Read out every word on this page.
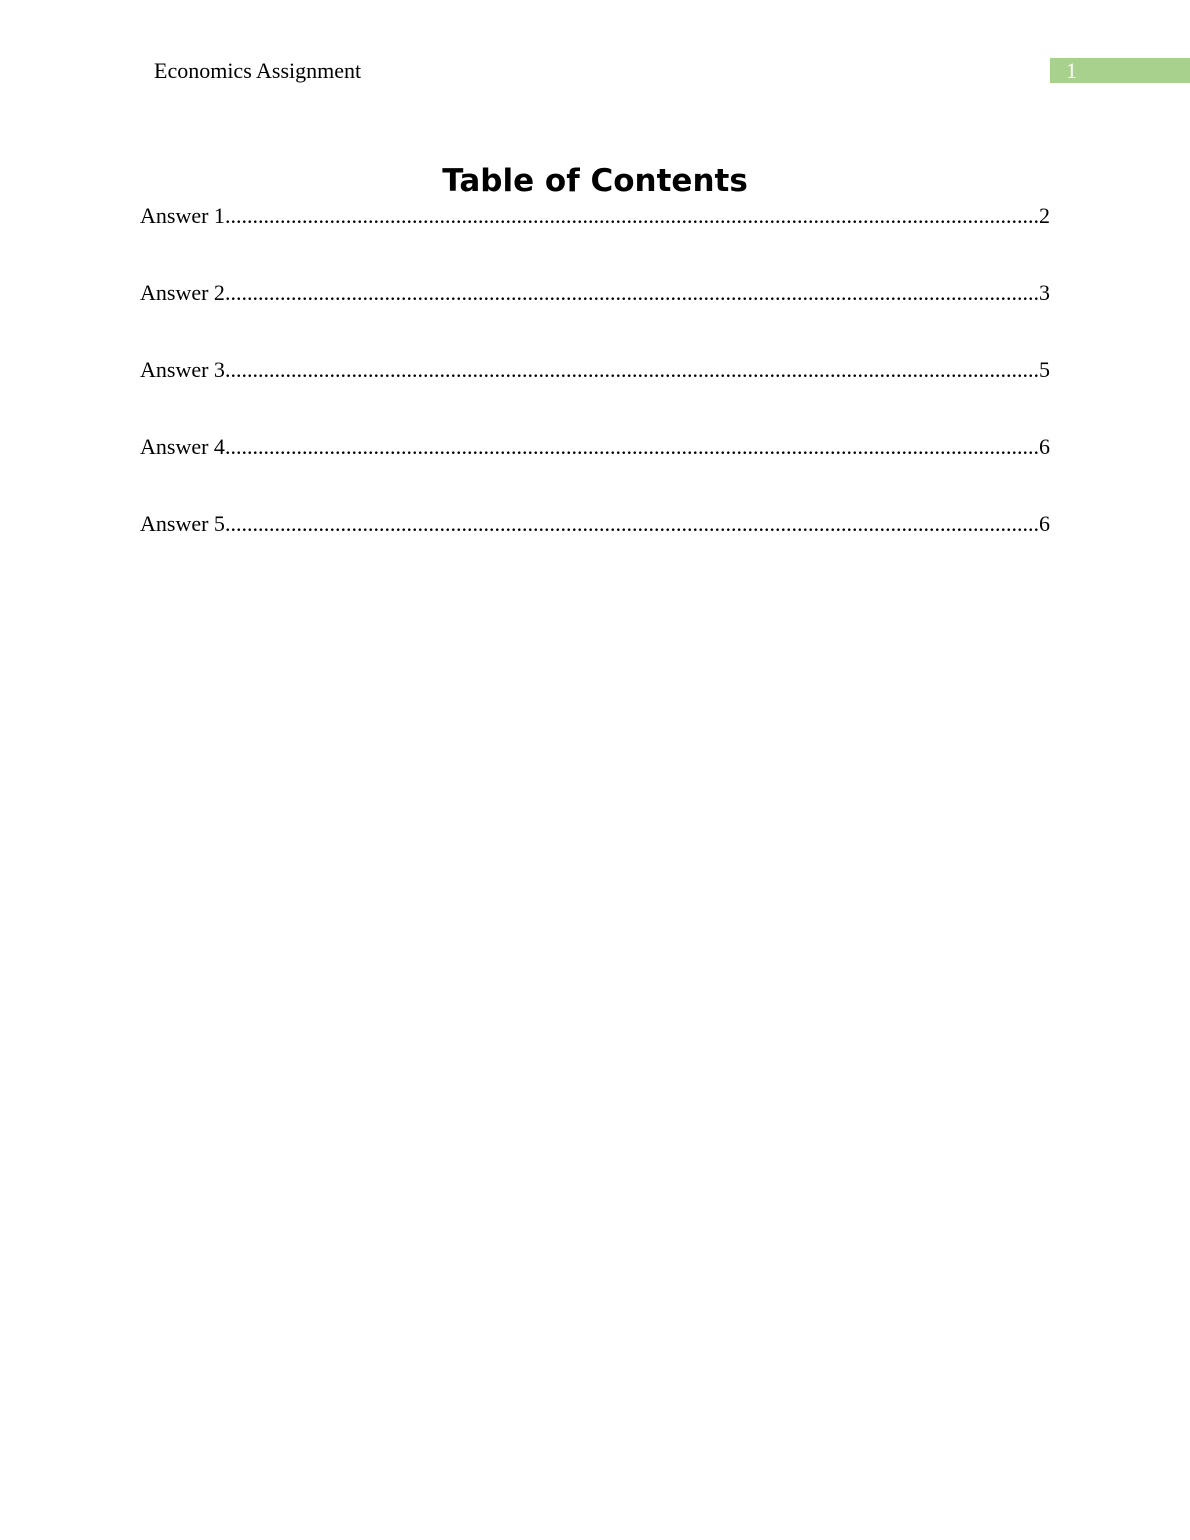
Economics Assignment	1
Table of Contents
Answer 1 .....	2
Answer 2 .....	3
Answer 3 .....	5
Answer 4 .....	6
Answer 5 .....	6
